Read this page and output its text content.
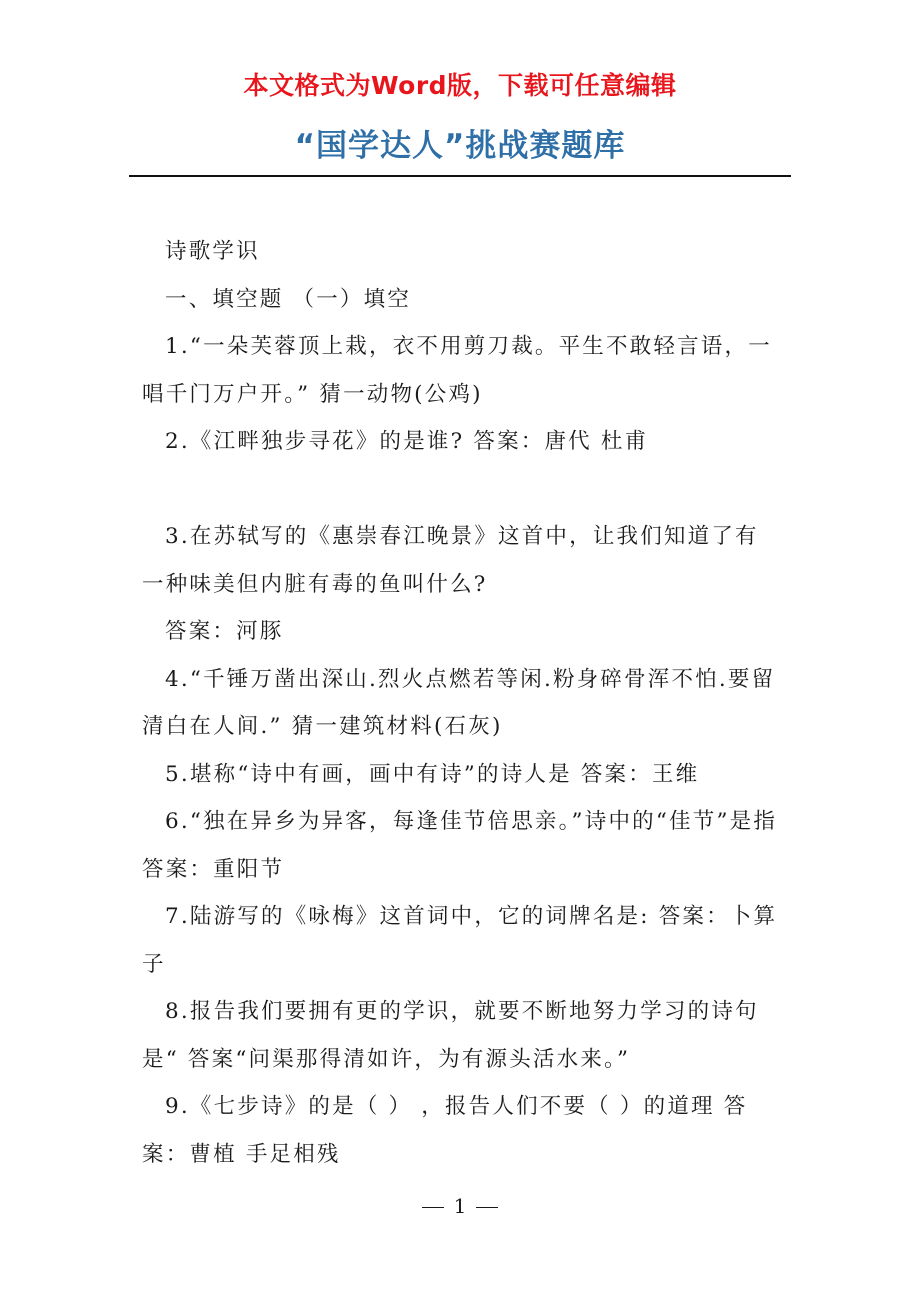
本文格式为Word版，下载可任意编辑
“国学达人”挑战赛题库

诗歌学识

一、填空题 （一）填空

1.“一朵芙蓉顶上栽，衣不用剪刀裁。平生不敢轻言语，一唱千门万户开。” 猜一动物(公鸡)

2.《江畔独步寻花》的是谁? 答案：唐代 杜甫

3.在苏轼写的《惠崇春江晚景》这首中，让我们知道了有一种味美但内脏有毒的鱼叫什么?

答案：河豚

4.“千锤万凿出深山.烈火点燃若等闲.粉身碎骨浑不怕.要留清白在人间.” 猜一建筑材料(石灰)

5.堪称“诗中有画，画中有诗”的诗人是 答案：王维

6.“独在异乡为异客，每逢佳节倍思亲。”诗中的“佳节”是指 答案：重阳节

7.陆游写的《咏梅》这首词中，它的词牌名是: 答案：卜算子

8.报告我们要拥有更的学识，就要不断地努力学习的诗句是“ 答案“问渠那得清如许，为有源头活水来。”

9.《七步诗》的是（ ） ，报告人们不要（ ）的道理 答案：曹植 手足相残

1
